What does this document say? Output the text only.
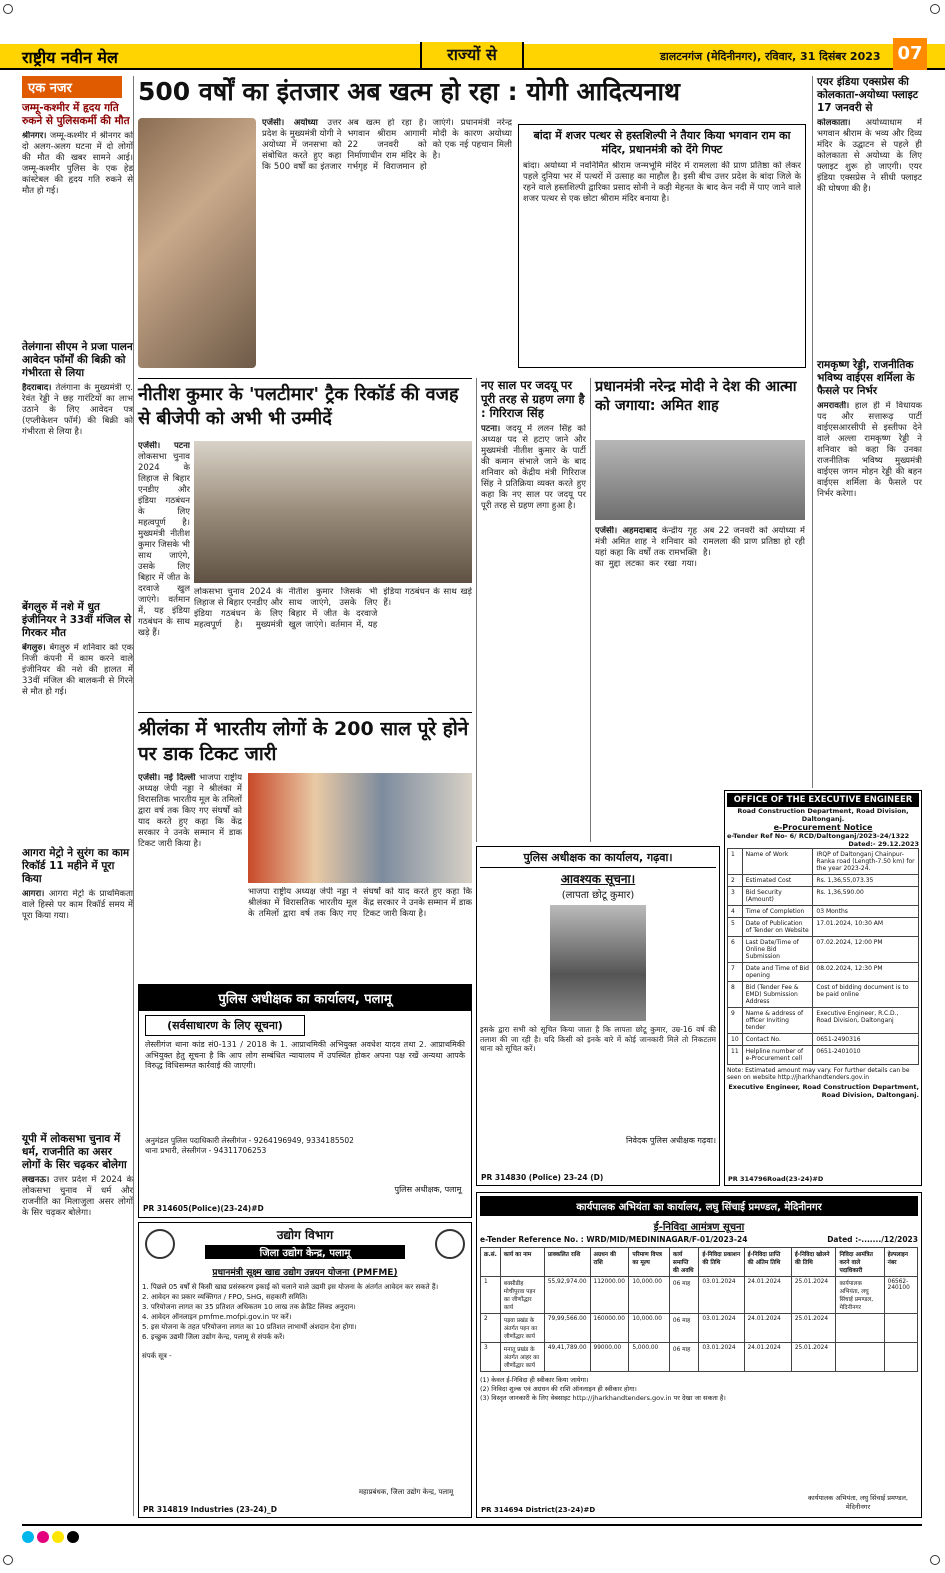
राष्ट्रीय नवीन मेल	राज्यों से	डालटनगंज (मेदिनीनगर), रविवार, 31 दिसंबर 2023 07
एक नजर
जम्मू-कश्मीर में हृदय गति रुकने से पुलिसकर्मी की मौत
श्रीनगर। जम्मू-कश्मीर में श्रीनगर को दो अलग-अलग घटना में दो लोगों की मौत की खबर सामने आई। जम्मू-कश्मीर पुलिस के एक हेड कांस्टेबल की हृदय गति रुकने से मौत हो गई।
तेलंगाना सीएम ने प्रजा पालन आवेदन फॉर्मों की बिक्री को गंभीरता से लिया
हैदराबाद। तेलंगाना के मुख्यमंत्री ए. रेवंत रेड्डी ने छह गारंटियों का लाभ उठाने के लिए आवेदन पत्र (एप्लीकेशन फॉर्म) की बिक्री को गंभीरता से लिया है।
बेंगलुरु में नशे में धुत इंजीनियर ने 33वीं मंजिल से गिरकर मौत
बेंगलुरु। बेंगलुरु में शनिवार को एक निजी कंपनी में काम करने वाले इंजीनियर की नशे की हालत में 33वीं मंजिल की बालकनी से गिरने से मौत हो गई।
आगरा मेट्रो ने सुरंग का काम रिकॉर्ड 11 महीने में पूरा किया
आगरा। आगरा मेट्रो के प्राथमिकता वाले हिस्से पर काम रिकॉर्ड समय में पूरा किया गया।
यूपी में लोकसभा चुनाव में धर्म, राजनीति का असर लोगों के सिर चढ़कर बोलेगा
लखनऊ। उत्तर प्रदेश में 2024 के लोकसभा चुनाव में धर्म और राजनीति का मिलाजुला असर लोगों के सिर चढ़कर बोलेगा।
500 वर्षों का इंतजार अब खत्म हो रहा : योगी आदित्यनाथ
एजेंसी। अयोध्या उत्तर प्रदेश के मुख्यमंत्री योगी ने अयोध्या में जनसभा को संबोधित करते हुए कहा कि 500 वर्षों का इंतजार अब खत्म हो रहा है। भगवान श्रीराम आगामी 22 जनवरी को निर्माणाधीन राम मंदिर के गर्भगृह में विराजमान हो जाएंगे। प्रधानमंत्री नरेन्द्र मोदी के कारण अयोध्या को एक नई पहचान मिली है।
बांदा में शजर पत्थर से हस्तशिल्पी ने तैयार किया भगवान राम का मंदिर, प्रधानमंत्री को देंगे गिफ्ट
बांदा। अयोध्या में नवनिर्मित श्रीराम जन्मभूमि मंदिर में रामलला की प्राण प्रतिष्ठा को लेकर पहले दुनिया भर में पत्थरों में उत्साह का माहौल है। इसी बीच उत्तर प्रदेश के बांदा जिले के रहने वाले हस्तशिल्पी द्वारिका प्रसाद सोनी ने कड़ी मेहनत के बाद केन नदी में पाए जाने वाले शजर पत्थर से एक छोटा श्रीराम मंदिर बनाया है।
एयर इंडिया एक्सप्रेस की कोलकाता-अयोध्या फ्लाइट 17 जनवरी से
कोलकाता। अयोध्याधाम में भगवान श्रीराम के भव्य और दिव्य मंदिर के उद्घाटन से पहले ही कोलकाता से अयोध्या के लिए फ्लाइट शुरू हो जाएगी। एयर इंडिया एक्सप्रेस ने सीधी फ्लाइट की घोषणा की है।
रामकृष्ण रेड्डी, राजनीतिक भविष्य वाईएस शर्मिला के फैसले पर निर्भर
अमरावती। हाल ही में विधायक पद और सत्तारूढ़ पार्टी वाईएसआरसीपी से इस्तीफा देने वाले अल्ला रामकृष्ण रेड्डी ने शनिवार को कहा कि उनका राजनीतिक भविष्य मुख्यमंत्री वाईएस जगन मोहन रेड्डी की बहन वाईएस शर्मिला के फैसले पर निर्भर करेगा।
नीतीश कुमार के 'पलटीमार' ट्रैक रिकॉर्ड की वजह से बीजेपी को अभी भी उम्मीदें
एजेंसी। पटना लोकसभा चुनाव 2024 के लिहाज से बिहार एनडीए और इंडिया गठबंधन के लिए महत्वपूर्ण है। मुख्यमंत्री नीतीश कुमार जिसके भी साथ जाएंगे, उसके लिए बिहार में जीत के दरवाजे खुल जाएंगे। वर्तमान में, यह इंडिया गठबंधन के साथ खड़े हैं।
लोकसभा चुनाव 2024 के लिहाज से बिहार एनडीए और इंडिया गठबंधन के लिए महत्वपूर्ण है। मुख्यमंत्री नीतीश कुमार जिसके भी साथ जाएंगे, उसके लिए बिहार में जीत के दरवाजे खुल जाएंगे। वर्तमान में, यह इंडिया गठबंधन के साथ खड़े हैं।
श्रीलंका में भारतीय लोगों के 200 साल पूरे होने पर डाक टिकट जारी
एजेंसी। नई दिल्ली भाजपा राष्ट्रीय अध्यक्ष जेपी नड्डा ने श्रीलंका में विरासतिक भारतीय मूल के तमिलों द्वारा वर्ष तक किए गए संघर्षों को याद करते हुए कहा कि केंद्र सरकार ने उनके सम्मान में डाक टिकट जारी किया है।
भाजपा राष्ट्रीय अध्यक्ष जेपी नड्डा ने श्रीलंका में विरासतिक भारतीय मूल के तमिलों द्वारा वर्ष तक किए गए संघर्षों को याद करते हुए कहा कि केंद्र सरकार ने उनके सम्मान में डाक टिकट जारी किया है।
नए साल पर जदयू पर पूरी तरह से ग्रहण लगा है : गिरिराज सिंह
पटना। जदयू में ललन सिंह को अध्यक्ष पद से हटाए जाने और मुख्यमंत्री नीतीश कुमार के पार्टी की कमान संभाले जाने के बाद शनिवार को केंद्रीय मंत्री गिरिराज सिंह ने प्रतिक्रिया व्यक्त करते हुए कहा कि नए साल पर जदयू पर पूरी तरह से ग्रहण लगा हुआ है।
प्रधानमंत्री नरेन्द्र मोदी ने देश की आत्मा को जगाया: अमित शाह
एजेंसी। अहमदाबाद केन्द्रीय गृह मंत्री अमित शाह ने शनिवार को यहां कहा कि वर्षों तक रामभक्ति का मुद्दा लटका कर रखा गया। अब 22 जनवरी को अयोध्या में रामलला की प्राण प्रतिष्ठा हो रही है।
पुलिस अधीक्षक का कार्यालय, गढ़वा।
आवश्यक सूचना।
(लापता छोटू कुमार)
इसके द्वारा सभी को सूचित किया जाता है कि लापता छोटू कुमार, उम्र-16 वर्ष की तलाश की जा रही है। यदि किसी को इनके बारे में कोई जानकारी मिले तो निकटतम थाना को सूचित करें।
निवेदक पुलिस अधीक्षक गढ़वा।
PR 314830 (Police) 23-24 (D)
OFFICE OF THE EXECUTIVE ENGINEER
Road Construction Department, Road Division, Daltonganj.
e-Procurement Notice
e-Tender Ref No- 6/ RCD/Daltonganj/2023-24/1322
Dated:- 29.12.2023
1	Name of Work	IRQP of Daltonganj Chainpur-Ranka road (Length-7.50 km) for the year 2023-24.
2	Estimated Cost	Rs. 1,36,55,073.35
3	Bid Security (Amount)	Rs. 1,36,590.00
4	Time of Completion	03 Months
5	Date of Publication of Tender on Website	17.01.2024, 10:30 AM
6	Last Date/Time of Online Bid Submission	07.02.2024, 12:00 PM
7	Date and Time of Bid opening	08.02.2024, 12:30 PM
8	Bid (Tender Fee & EMD) Submission Address	Cost of bidding document is to be paid online
9	Name & address of officer Inviting tender	Executive Engineer, R.C.D., Road Division, Daltonganj
10	Contact No.	0651-2490316
11	Helpline number of e-Procurement cell	0651-2401010
Note: Estimated amount may vary. For further details can be seen on website http://jharkhandtenders.gov.in
Executive Engineer, Road Construction Department, Road Division, Daltonganj.
PR 314796Road(23-24)#D
पुलिस अधीक्षक का कार्यालय, पलामू
(सर्वसाधारण के लिए सूचना)
लेस्लीगंज थाना कांड सं0-131 / 2018 के 1. आप्राथमिकी अभियुक्त अवधेश यादव तथा 2. आप्राथमिकी अभियुक्त हेतु सूचना है कि आप लोग सम्बंधित न्यायालय में उपस्थित होकर अपना पक्ष रखें अन्यथा आपके विरुद्ध विधिसम्मत कार्रवाई की जाएगी।
अनुमंडल पुलिस पदाधिकारी लेस्लीगंज - 9264196949, 9334185502
थाना प्रभारी, लेस्लीगंज - 94311706253
पुलिस अधीक्षक, पलामू
PR 314605(Police)(23-24)#D
उद्योग विभाग
जिला उद्योग केन्द्र, पलामू
प्रधानमंत्री सूक्ष्म खाद्य उद्योग उन्नयन योजना (PMFME)
1. पिछले 05 वर्षों से किसी खाद्य प्रसंस्करण इकाई को चलाने वाले उद्यमी इस योजना के अंतर्गत आवेदन कर सकते हैं।
2. आवेदन का प्रकार व्यक्तिगत / FPO, SHG, सहकारी समिति।
3. परियोजना लागत का 35 प्रतिशत अधिकतम 10 लाख तक क्रेडिट लिंक्ड अनुदान।
4. आवेदन ऑनलाइन pmfme.mofpi.gov.in पर करें।
5. इस योजना के तहत परियोजना लागत का 10 प्रतिशत लाभार्थी अंशदान देना होगा।
6. इच्छुक उद्यमी जिला उद्योग केन्द्र, पलामू से संपर्क करें।
संपर्क सूत्र -
महाप्रबंधक, जिला उद्योग केन्द्र, पलामू
PR 314819 Industries (23-24)_D
कार्यपालक अभियंता का कार्यालय, लघु सिंचाई प्रमण्डल, मेदिनीनगर
ई-निविदा आमंत्रण सूचना
e-Tender Reference No. : WRD/MID/MEDININAGAR/F-01/2023-24	Dated :-......./12/2023
क्र.सं.	कार्य का नाम	प्राक्कलित राशि	अग्रधन की राशि	परिमाण विपत्र का मूल्य	कार्य समाप्ति की अवधि	ई-निविदा प्रकाशन की तिथि	ई-निविदा प्राप्ति की अंतिम तिथि	ई-निविदा खोलने की तिथि	निविदा आमंत्रित करने वाले पदाधिकारी	हेल्पलाइन नंबर
1	बक्सीडीह मोचीपुरवा पइन का जीर्णोद्धार कार्य	55,92,974.00	112000.00	10,000.00	06 माह	03.01.2024	24.01.2024	25.01.2024	कार्यपालक अभियंता, लघु सिंचाई प्रमण्डल, मेदिनीनगर	06562-240100
2	पड़वा प्रखंड के अंतर्गत पइन का जीर्णोद्धार कार्य	79,99,566.00	160000.00	10,000.00	06 माह	03.01.2024	24.01.2024	25.01.2024		
3	मनातू प्रखंड के अंतर्गत आहर का जीर्णोद्धार कार्य	49,41,789.00	99000.00	5,000.00	06 माह	03.01.2024	24.01.2024	25.01.2024		
(1) केवल ई-निविदा ही स्वीकार किया जायेगा।
(2) निविदा शुल्क एवं अग्रधन की राशि ऑनलाइन ही स्वीकार होगा।
(3) विस्तृत जानकारी के लिए वेबसाइट http://jharkhandtenders.gov.in पर देखा जा सकता है।
कार्यपालक अभियंता, लघु सिंचाई प्रमण्डल, मेदिनीनगर
PR 314694 District(23-24)#D
